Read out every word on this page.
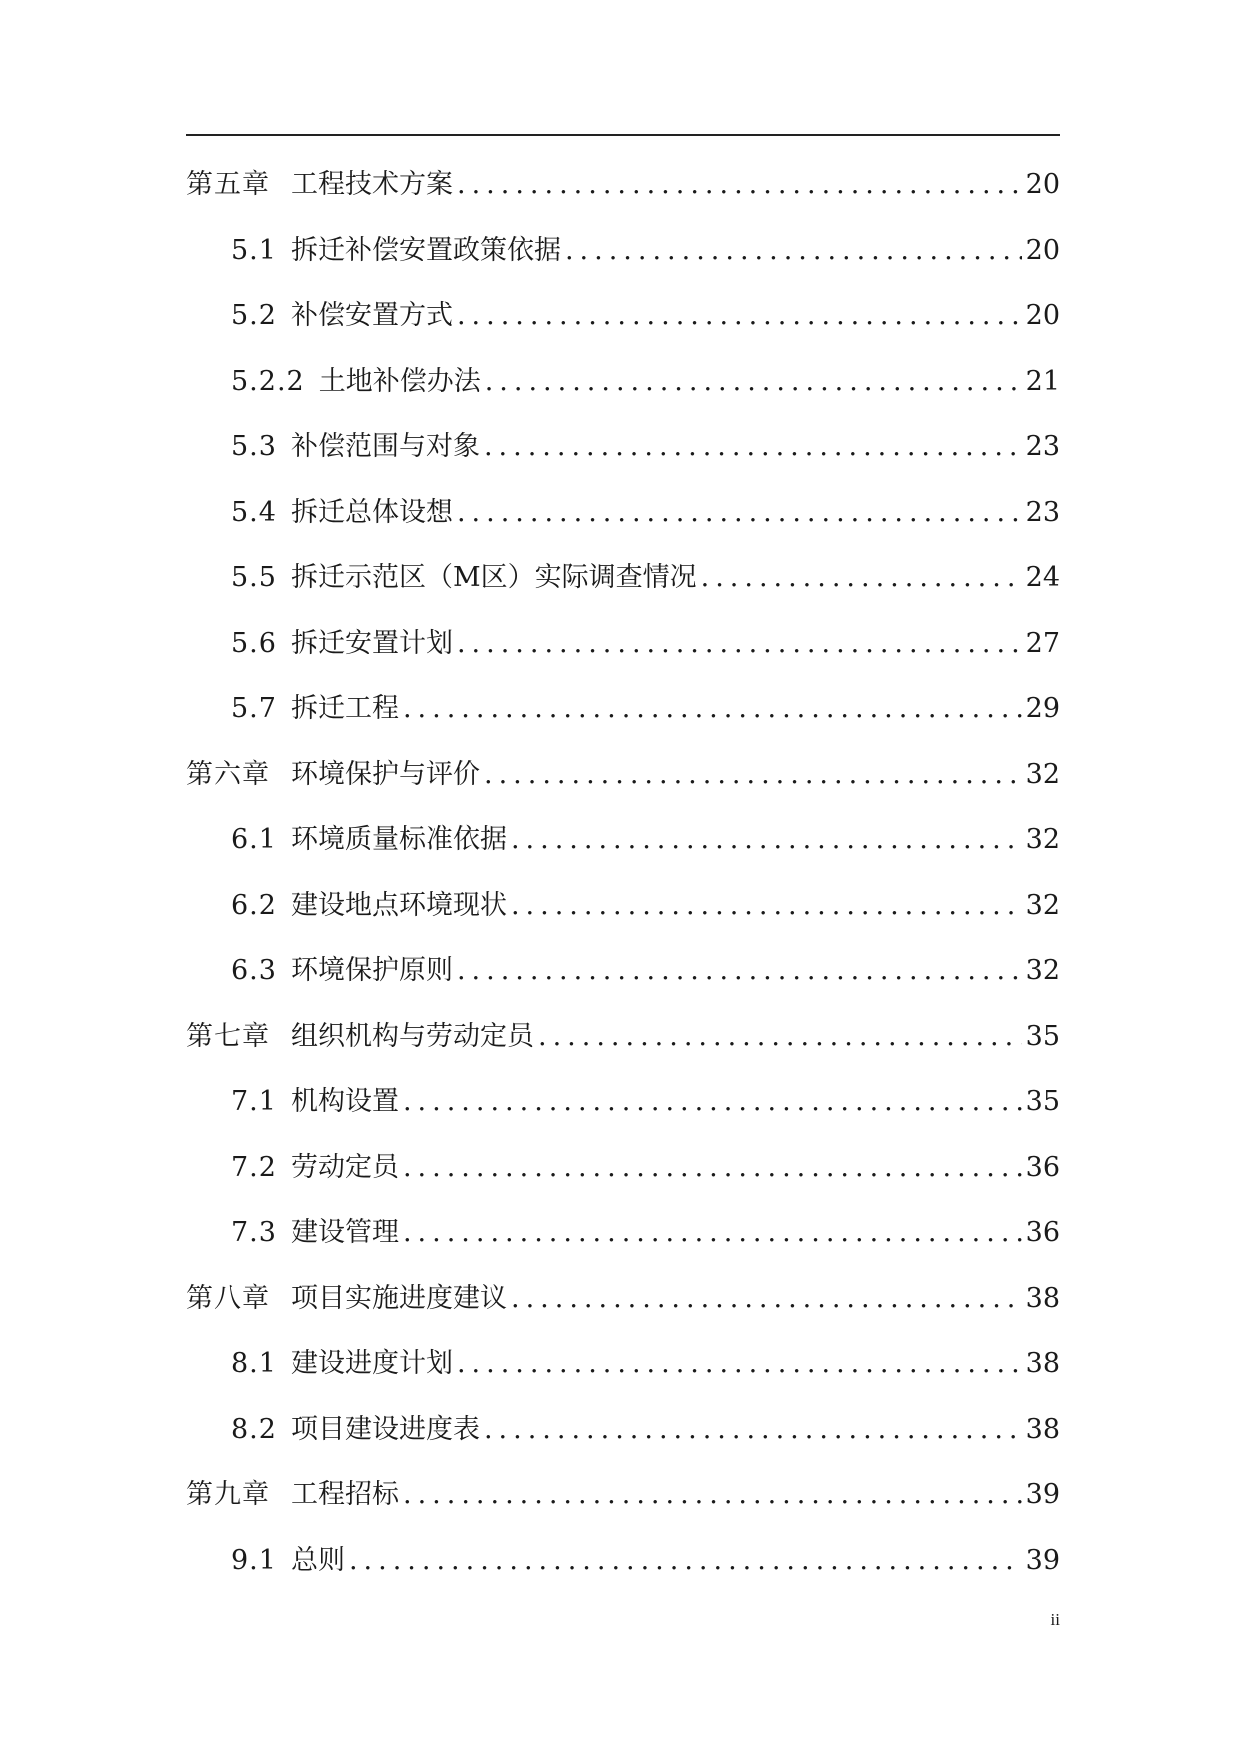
第五章 工程技术方案 .....	20
5.1 拆迁补偿安置政策依据 .....	20
5.2 补偿安置方式 .....	20
5.2.2 土地补偿办法 .....	21
5.3 补偿范围与对象 .....	23
5.4 拆迁总体设想 .....	23
5.5 拆迁示范区（M区）实际调查情况 .....	24
5.6 拆迁安置计划 .....	27
5.7 拆迁工程 .....	29
第六章 环境保护与评价 .....	32
6.1 环境质量标准依据 .....	32
6.2 建设地点环境现状 .....	32
6.3 环境保护原则 .....	32
第七章 组织机构与劳动定员 .....	35
7.1 机构设置 .....	35
7.2 劳动定员 .....	36
7.3 建设管理 .....	36
第八章 项目实施进度建议 .....	38
8.1 建设进度计划 .....	38
8.2 项目建设进度表 .....	38
第九章 工程招标 .....	39
9.1 总则 .....	39
ii
